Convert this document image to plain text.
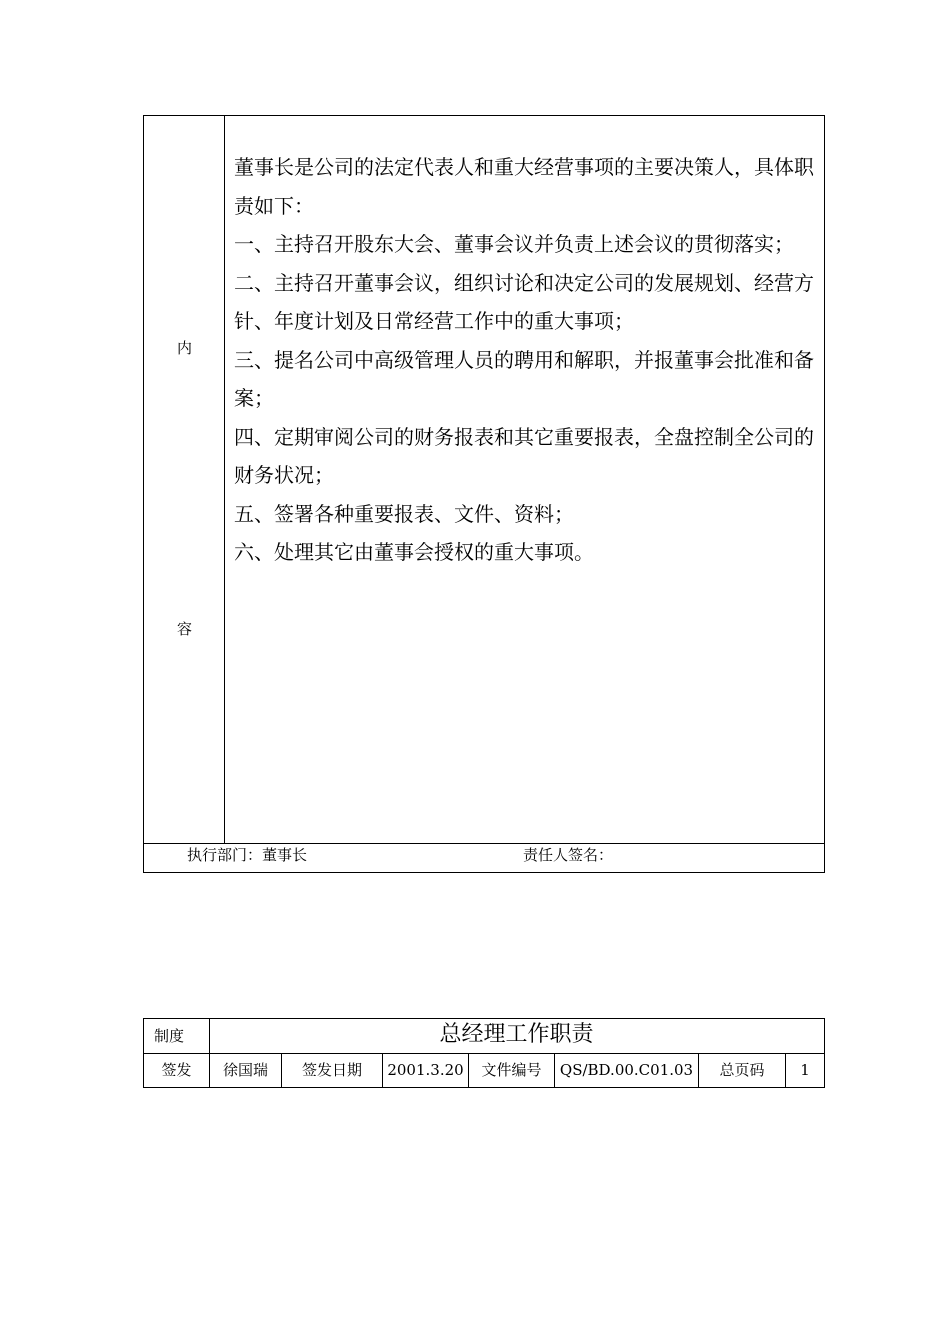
内
容

董事长是公司的法定代表人和重大经营事项的主要决策人，具体职责如下：

一、主持召开股东大会、董事会议并负责上述会议的贯彻落实；

二、主持召开董事会议，组织讨论和决定公司的发展规划、经营方针、年度计划及日常经营工作中的重大事项；

三、提名公司中高级管理人员的聘用和解职，并报董事会批准和备案；

四、定期审阅公司的财务报表和其它重要报表，全盘控制全公司的财务状况；

五、签署各种重要报表、文件、资料；

六、处理其它由董事会授权的重大事项。

执行部门：董事长	责任人签名：
制度	总经理工作职责
签发	徐国瑞	签发日期	2001.3.20	文件编号	QS/BD.00.C01.03	总页码	1
